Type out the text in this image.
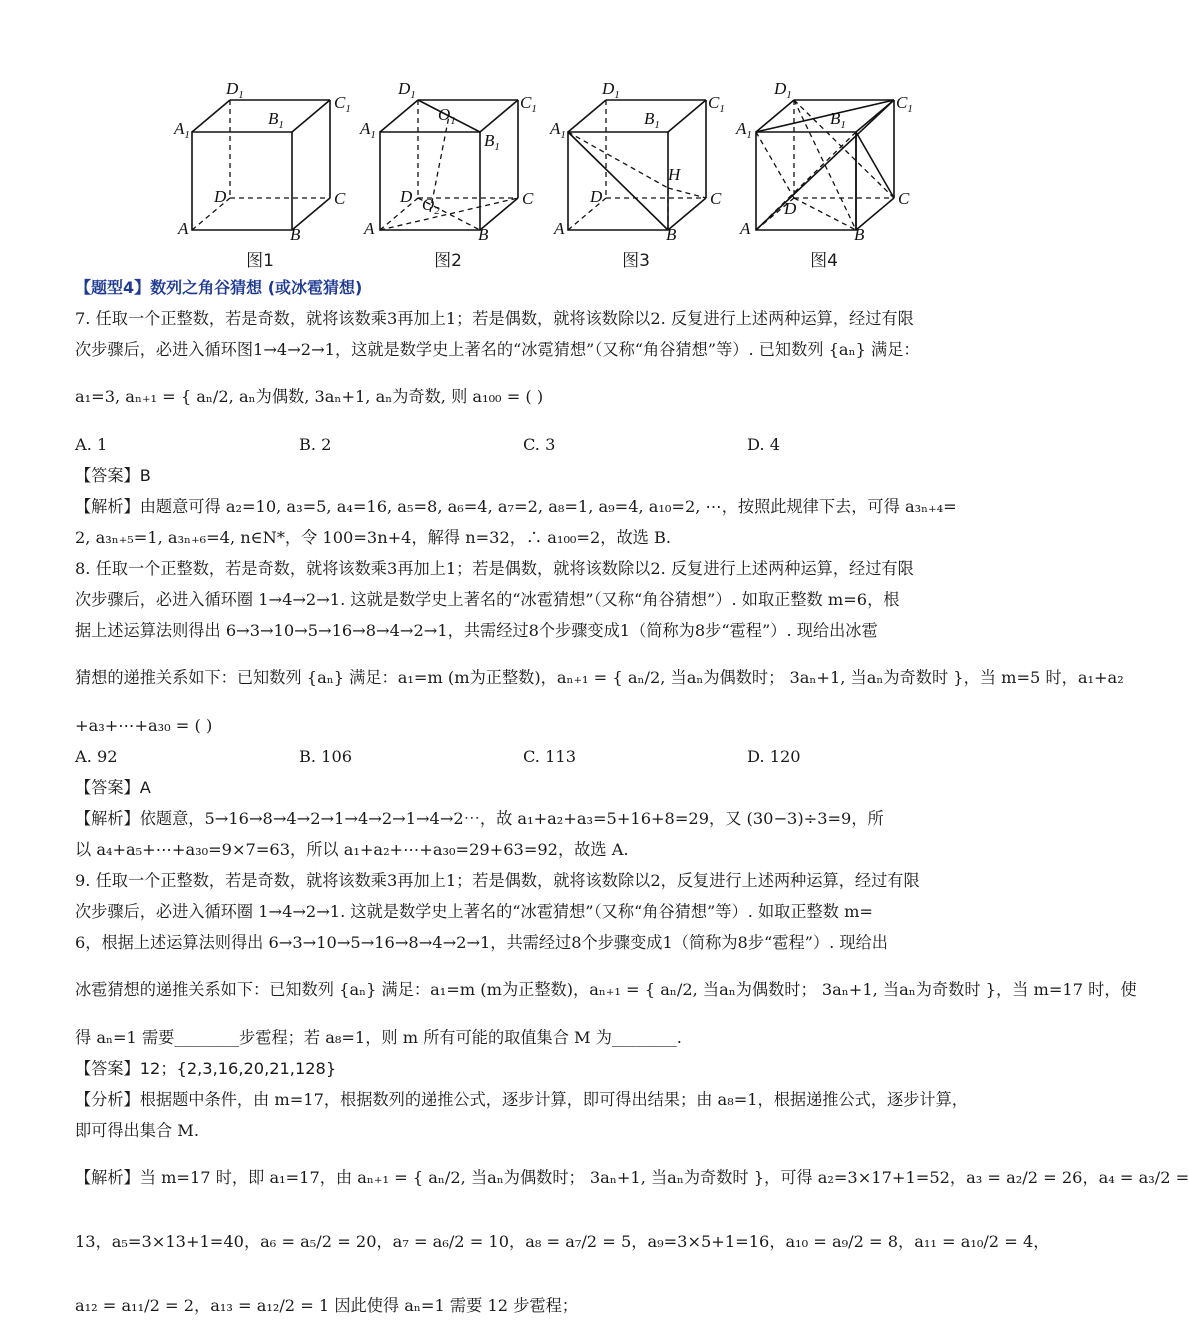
$D_1$	$C_1$
$A_1$
$B_1$
D	C
A	B
图1
$D_1$
$O_1$
$C_1$
$A_1$	$B_1$
D $O_2$
C
A	B
图2
$D_1$	$C_1$
$A_1$
$B_1$
H
D	C
A	B
图3
$D_1$	$C_1$
$A_1$
$B_1$
D
C
A	B
图4

【题型4】数列之角谷猜想 (或冰雹猜想)

7. 任取一个正整数，若是奇数，就将该数乘3再加上1；若是偶数，就将该数除以2. 反复进行上述两种运算，经过有限

次步骤后，必进入循环图1→4→2→1，这就是数学史上著名的“冰霓猜想”（又称“角谷猜想”等）. 已知数列 {aₙ} 满足：

a₁=3, aₙ₊₁ = { aₙ/2, aₙ为偶数, 3aₙ+1, aₙ为奇数, 则 a₁₀₀ = ( )

A. 1	B. 2	C. 3	D. 4

【答案】B

【解析】由题意可得 a₂=10, a₃=5, a₄=16, a₅=8, a₆=4, a₇=2, a₈=1, a₉=4, a₁₀=2, ⋯，按照此规律下去，可得 a₃ₙ₊₄=

2, a₃ₙ₊₅=1, a₃ₙ₊₆=4, n∈N*，令 100=3n+4，解得 n=32，∴ a₁₀₀=2，故选 B.

8. 任取一个正整数，若是奇数，就将该数乘3再加上1；若是偶数，就将该数除以2. 反复进行上述两种运算，经过有限

次步骤后，必进入循环圈 1→4→2→1. 这就是数学史上著名的“冰雹猜想”（又称“角谷猜想”）. 如取正整数 m=6，根

据上述运算法则得出 6→3→10→5→16→8→4→2→1，共需经过8个步骤变成1（简称为8步“雹程”）. 现给出冰雹

猜想的递推关系如下：已知数列 {aₙ} 满足：a₁=m (m为正整数)，aₙ₊₁ = { aₙ/2, 当aₙ为偶数时； 3aₙ+1, 当aₙ为奇数时 }，当 m=5 时，a₁+a₂

+a₃+⋯+a₃₀ = ( )

A. 92	B. 106	C. 113	D. 120

【答案】A

【解析】依题意，5→16→8→4→2→1→4→2→1→4→2⋯，故 a₁+a₂+a₃=5+16+8=29，又 (30−3)÷3=9，所

以 a₄+a₅+⋯+a₃₀=9×7=63，所以 a₁+a₂+⋯+a₃₀=29+63=92，故选 A.

9. 任取一个正整数，若是奇数，就将该数乘3再加上1；若是偶数，就将该数除以2，反复进行上述两种运算，经过有限

次步骤后，必进入循环圈 1→4→2→1. 这就是数学史上著名的“冰雹猜想”（又称“角谷猜想”等）. 如取正整数 m=

6，根据上述运算法则得出 6→3→10→5→16→8→4→2→1，共需经过8个步骤变成1（简称为8步“雹程”）. 现给出

冰雹猜想的递推关系如下：已知数列 {aₙ} 满足：a₁=m (m为正整数)，aₙ₊₁ = { aₙ/2, 当aₙ为偶数时； 3aₙ+1, 当aₙ为奇数时 }，当 m=17 时，使

得 aₙ=1 需要________步雹程；若 a₈=1，则 m 所有可能的取值集合 M 为________.

【答案】12；{2,3,16,20,21,128}

【分析】根据题中条件，由 m=17，根据数列的递推公式，逐步计算，即可得出结果；由 a₈=1，根据递推公式，逐步计算，

即可得出集合 M.

【解析】当 m=17 时，即 a₁=17，由 aₙ₊₁ = { aₙ/2, 当aₙ为偶数时； 3aₙ+1, 当aₙ为奇数时 }，可得 a₂=3×17+1=52，a₃ = a₂/2 = 26，a₄ = a₃/2 =

13，a₅=3×13+1=40，a₆ = a₅/2 = 20，a₇ = a₆/2 = 10，a₈ = a₇/2 = 5，a₉=3×5+1=16，a₁₀ = a₉/2 = 8，a₁₁ = a₁₀/2 = 4，

a₁₂ = a₁₁/2 = 2，a₁₃ = a₁₂/2 = 1 因此使得 aₙ=1 需要 12 步雹程；
